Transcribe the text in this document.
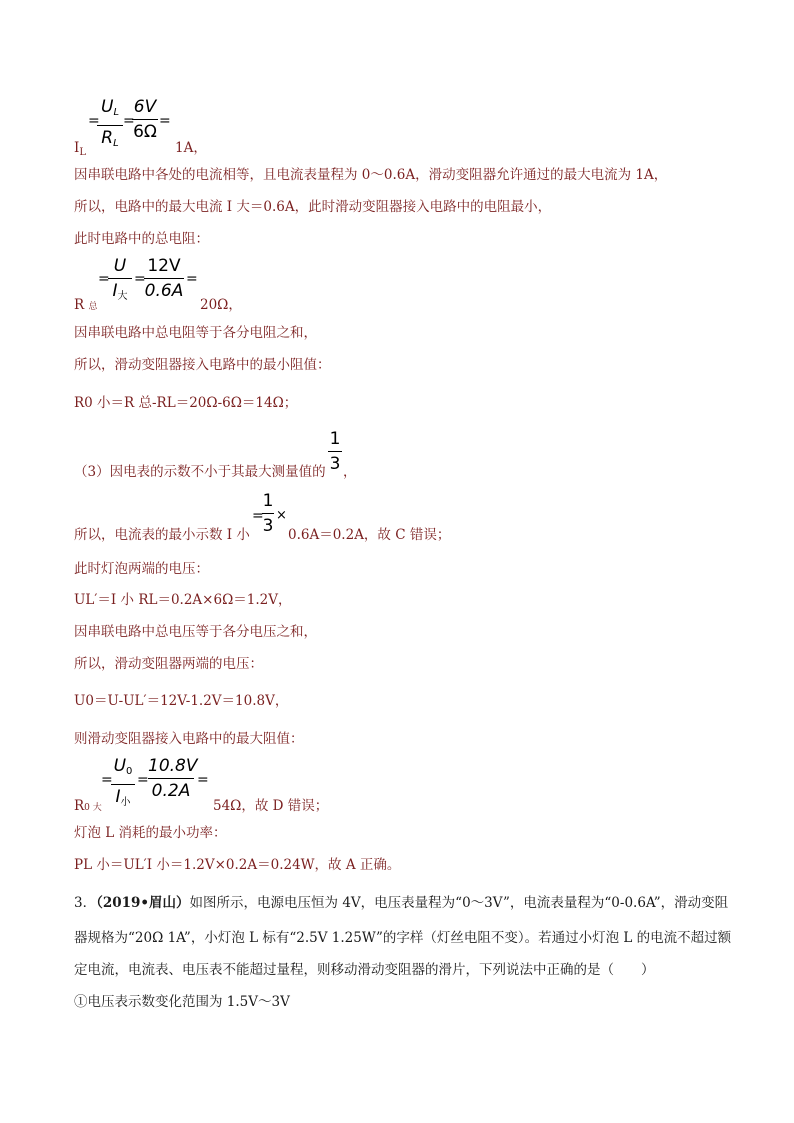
=
$U_L$
$R_L$
=
6V
6Ω
=
$I_L$	1A，
因串联电路中各处的电流相等，且电流表量程为 0～0.6A，滑动变阻器允许通过的最大电流为 1A，
所以，电路中的最大电流 I 大＝0.6A，此时滑动变阻器接入电路中的电阻最小，
此时电路中的总电阻：
=
U
$I_大$
=
12V
0.6A
=
R 总	20Ω，
因串联电路中总电阻等于各分电阻之和，
所以，滑动变阻器接入电路中的最小阻值：
R0 小＝R 总-RL＝20Ω-6Ω＝14Ω；
（3）因电表的示数不小于其最大测量值的
1
3 ，
所以，电流表的最小示数 I 小
=
1
3
×
0.6A＝0.2A，故 C 错误；
此时灯泡两端的电压：
UL′＝I 小 RL＝0.2A×6Ω＝1.2V，
因串联电路中总电压等于各分电压之和，
所以，滑动变阻器两端的电压：
U0＝U-UL′＝12V-1.2V＝10.8V，
则滑动变阻器接入电路中的最大阻值：
=
$U_0$
$I_小$
=
10.8V
0.2A
=
R0 大	54Ω，故 D 错误；
灯泡 L 消耗的最小功率：
PL 小＝UL′I 小＝1.2V×0.2A＝0.24W，故 A 正确。
3．（2019•眉山）如图所示，电源电压恒为 4V，电压表量程为“0～3V”，电流表量程为“0-0.6A”，滑动变阻
器规格为“20Ω 1A”，小灯泡 L 标有“2.5V 1.25W”的字样（灯丝电阻不变）。若通过小灯泡 L 的电流不超过额
定电流，电流表、电压表不能超过量程，则移动滑动变阻器的滑片，下列说法中正确的是（　　）
①电压表示数变化范围为 1.5V～3V
